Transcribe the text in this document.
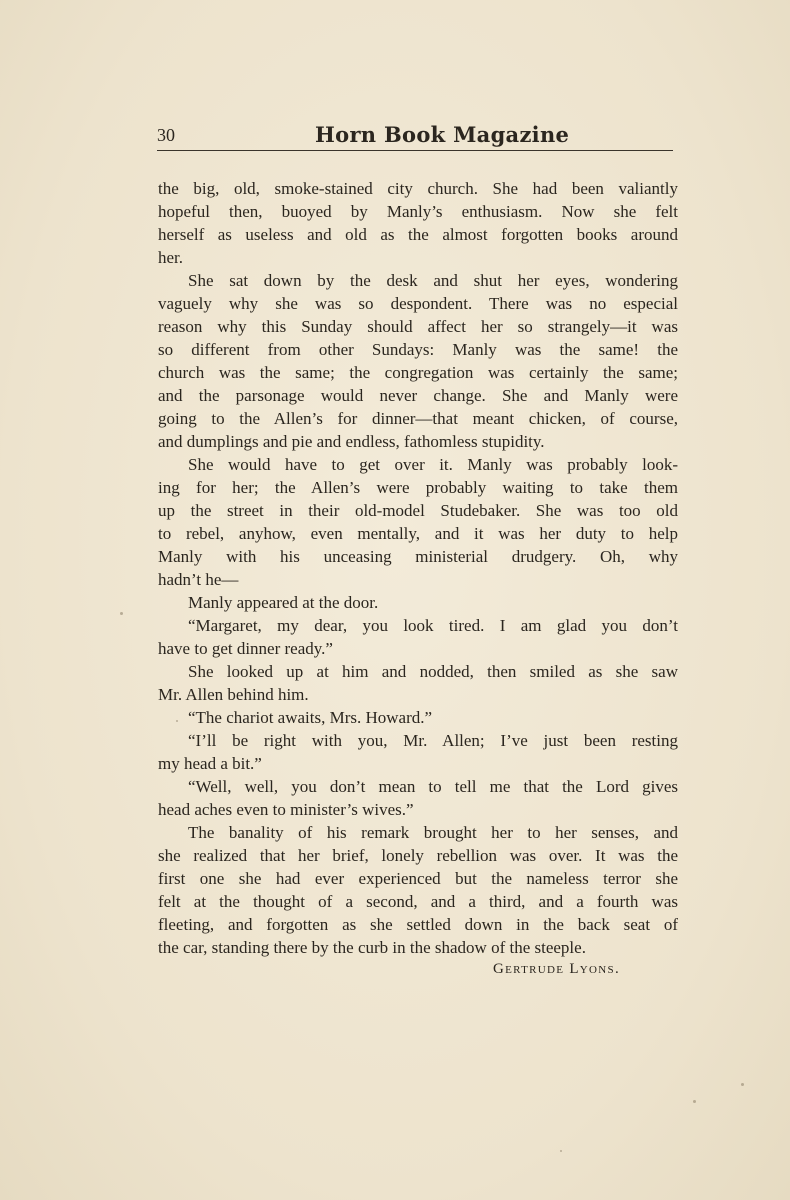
30	Horn Book Magazine
the big, old, smoke-stained city church. She had been valiantly
hopeful then, buoyed by Manly’s enthusiasm. Now she felt
herself as useless and old as the almost forgotten books around
her.
She sat down by the desk and shut her eyes, wondering
vaguely why she was so despondent. There was no especial
reason why this Sunday should affect her so strangely—it was
so different from other Sundays: Manly was the same! the
church was the same; the congregation was certainly the same;
and the parsonage would never change. She and Manly were
going to the Allen’s for dinner—that meant chicken, of course,
and dumplings and pie and endless, fathomless stupidity.
She would have to get over it. Manly was probably look-
ing for her; the Allen’s were probably waiting to take them
up the street in their old-model Studebaker. She was too old
to rebel, anyhow, even mentally, and it was her duty to help
Manly with his unceasing ministerial drudgery. Oh, why
hadn’t he—
Manly appeared at the door.
“Margaret, my dear, you look tired. I am glad you don’t
have to get dinner ready.”
She looked up at him and nodded, then smiled as she saw
Mr. Allen behind him.
“The chariot awaits, Mrs. Howard.”
“I’ll be right with you, Mr. Allen; I’ve just been resting
my head a bit.”
“Well, well, you don’t mean to tell me that the Lord gives
head aches even to minister’s wives.”
The banality of his remark brought her to her senses, and
she realized that her brief, lonely rebellion was over. It was the
first one she had ever experienced but the nameless terror she
felt at the thought of a second, and a third, and a fourth was
fleeting, and forgotten as she settled down in the back seat of
the car, standing there by the curb in the shadow of the steeple.
Gertrude Lyons.
